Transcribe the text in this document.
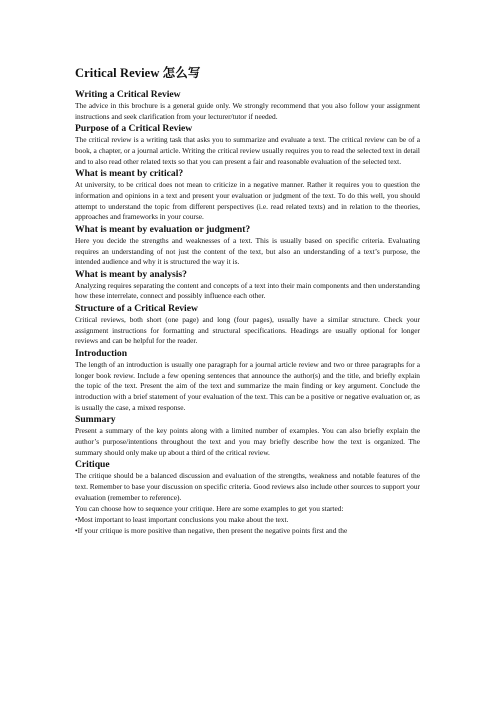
Critical Review 怎么写
Writing a Critical Review
The advice in this brochure is a general guide only. We strongly recommend that you also follow your assignment instructions and seek clarification from your lecturer/tutor if needed.
Purpose of a Critical Review
The critical review is a writing task that asks you to summarize and evaluate a text. The critical review can be of a book, a chapter, or a journal article. Writing the critical review usually requires you to read the selected text in detail and to also read other related texts so that you can present a fair and reasonable evaluation of the selected text.
What is meant by critical?
At university, to be critical does not mean to criticize in a negative manner. Rather it requires you to question the information and opinions in a text and present your evaluation or judgment of the text. To do this well, you should attempt to understand the topic from different perspectives (i.e. read related texts) and in relation to the theories, approaches and frameworks in your course.
What is meant by evaluation or judgment?
Here you decide the strengths and weaknesses of a text. This is usually based on specific criteria. Evaluating requires an understanding of not just the content of the text, but also an understanding of a text’s purpose, the intended audience and why it is structured the way it is.
What is meant by analysis?
Analyzing requires separating the content and concepts of a text into their main components and then understanding how these interrelate, connect and possibly influence each other.
Structure of a Critical Review
Critical reviews, both short (one page) and long (four pages), usually have a similar structure. Check your assignment instructions for formatting and structural specifications. Headings are usually optional for longer reviews and can be helpful for the reader.
Introduction
The length of an introduction is usually one paragraph for a journal article review and two or three paragraphs for a longer book review. Include a few opening sentences that announce the author(s) and the title, and briefly explain the topic of the text. Present the aim of the text and summarize the main finding or key argument. Conclude the introduction with a brief statement of your evaluation of the text. This can be a positive or negative evaluation or, as is usually the case, a mixed response.
Summary
Present a summary of the key points along with a limited number of examples. You can also briefly explain the author’s purpose/intentions throughout the text and you may briefly describe how the text is organized. The summary should only make up about a third of the critical review.
Critique
The critique should be a balanced discussion and evaluation of the strengths, weakness and notable features of the text. Remember to base your discussion on specific criteria. Good reviews also include other sources to support your evaluation (remember to reference).
You can choose how to sequence your critique. Here are some examples to get you started:
•Most important to least important conclusions you make about the text.
•If your critique is more positive than negative, then present the negative points first and the
